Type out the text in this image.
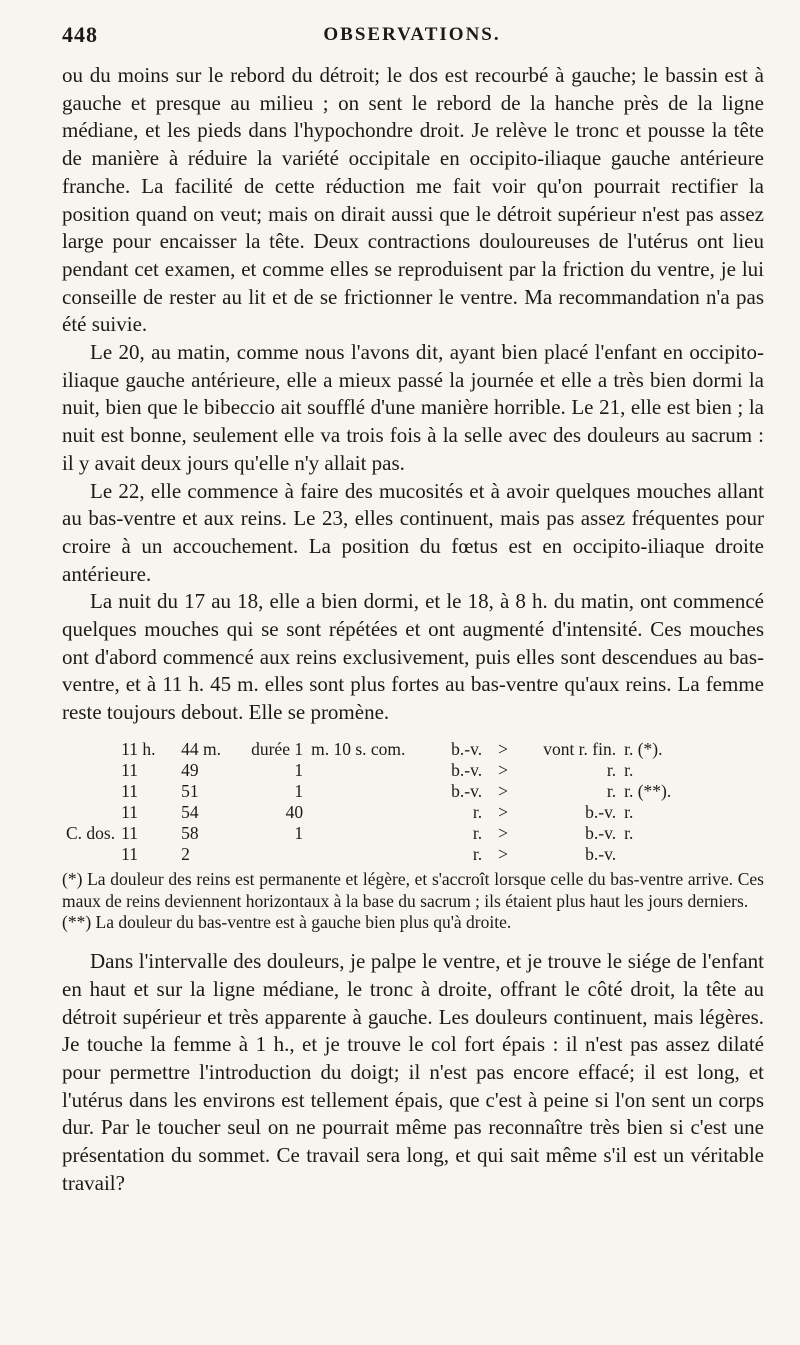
448	OBSERVATIONS.

ou du moins sur le rebord du détroit; le dos est recourbé à gauche; le bassin est à gauche et presque au milieu ; on sent le rebord de la hanche près de la ligne médiane, et les pieds dans l'hypochondre droit. Je relève le tronc et pousse la tête de manière à réduire la variété occipitale en occipito-iliaque gauche antérieure franche. La facilité de cette réduction me fait voir qu'on pourrait rectifier la position quand on veut; mais on dirait aussi que le détroit supérieur n'est pas assez large pour encaisser la tête. Deux contractions douloureuses de l'utérus ont lieu pendant cet examen, et comme elles se reproduisent par la friction du ventre, je lui conseille de rester au lit et de se frictionner le ventre. Ma recommandation n'a pas été suivie.

Le 20, au matin, comme nous l'avons dit, ayant bien placé l'enfant en occipito-iliaque gauche antérieure, elle a mieux passé la journée et elle a très bien dormi la nuit, bien que le bibeccio ait soufflé d'une manière horrible. Le 21, elle est bien ; la nuit est bonne, seulement elle va trois fois à la selle avec des douleurs au sacrum : il y avait deux jours qu'elle n'y allait pas.

Le 22, elle commence à faire des mucosités et à avoir quelques mouches allant au bas-ventre et aux reins. Le 23, elles continuent, mais pas assez fréquentes pour croire à un accouchement. La position du fœtus est en occipito-iliaque droite antérieure.

La nuit du 17 au 18, elle a bien dormi, et le 18, à 8 h. du matin, ont commencé quelques mouches qui se sont répétées et ont augmenté d'intensité. Ces mouches ont d'abord commencé aux reins exclusivement, puis elles sont descendues au bas-ventre, et à 11 h. 45 m. elles sont plus fortes au bas-ventre qu'aux reins. La femme reste toujours debout. Elle se promène.

	11 h.	44 m.	durée 1	m. 10 s. com.	b.-v.	>	vont r. fin.	r. (*).
	11	49	1		b.-v.	>	r.	r.
	11	51	1		b.-v.	>	r.	r. (**).
	11	54	40		r.	>	b.-v.	r.
C. dos.	11	58	1		r.	>	b.-v.	r.
	11	2			r.	>	b.-v.	

(*) La douleur des reins est permanente et légère, et s'accroît lorsque celle du bas-ventre arrive. Ces maux de reins deviennent horizontaux à la base du sacrum ; ils étaient plus haut les jours derniers.

(**) La douleur du bas-ventre est à gauche bien plus qu'à droite.

Dans l'intervalle des douleurs, je palpe le ventre, et je trouve le siége de l'enfant en haut et sur la ligne médiane, le tronc à droite, offrant le côté droit, la tête au détroit supérieur et très apparente à gauche. Les douleurs continuent, mais légères. Je touche la femme à 1 h., et je trouve le col fort épais : il n'est pas assez dilaté pour permettre l'introduction du doigt; il n'est pas encore effacé; il est long, et l'utérus dans les environs est tellement épais, que c'est à peine si l'on sent un corps dur. Par le toucher seul on ne pourrait même pas reconnaître très bien si c'est une présentation du sommet. Ce travail sera long, et qui sait même s'il est un véritable travail?
